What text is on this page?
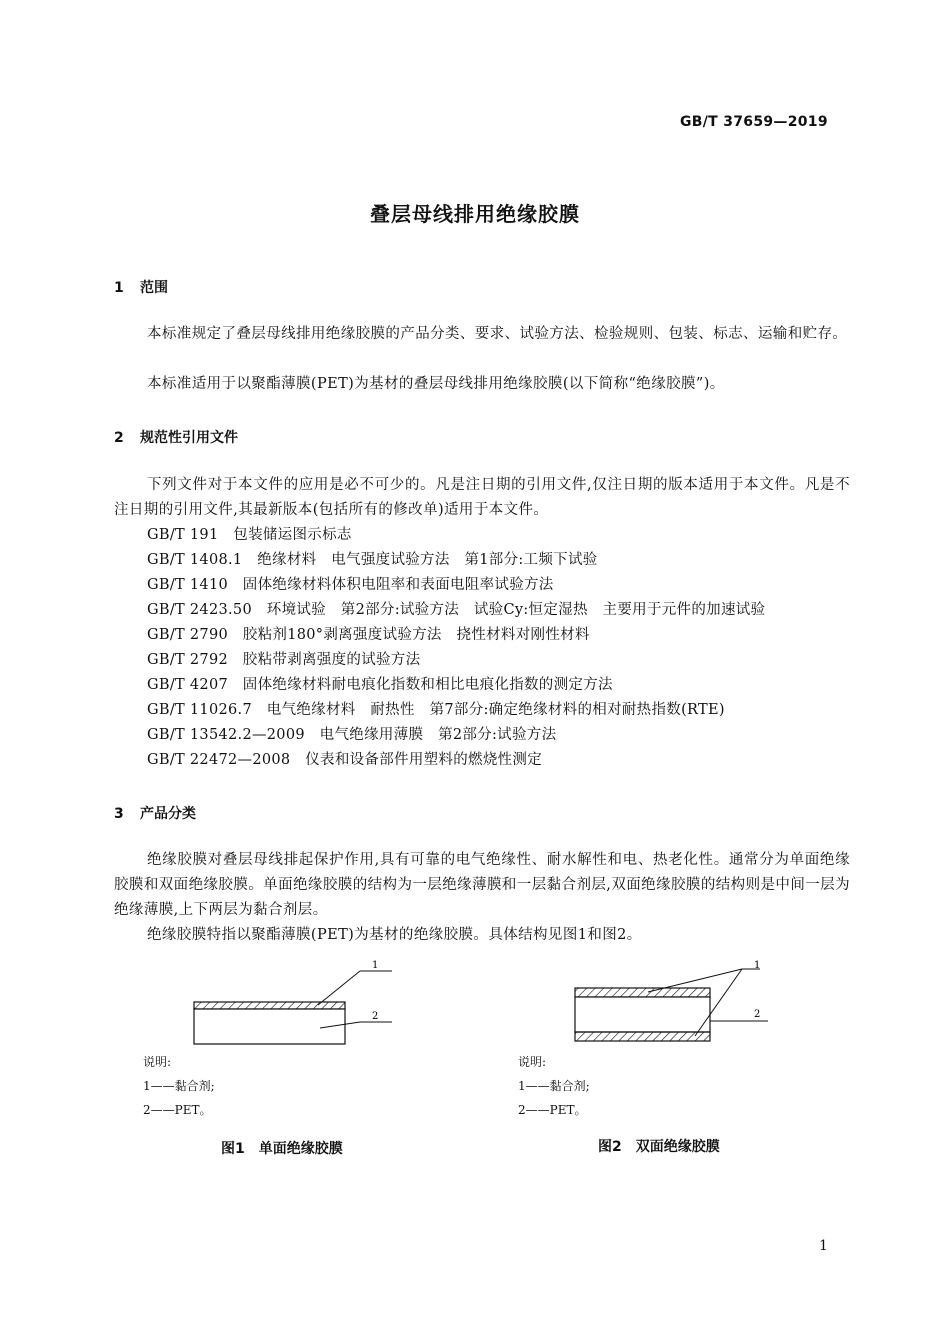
GB/T 37659—2019
叠层母线排用绝缘胶膜
1 范围
本标准规定了叠层母线排用绝缘胶膜的产品分类、要求、试验方法、检验规则、包装、标志、运输和贮存。
本标准适用于以聚酯薄膜(PET)为基材的叠层母线排用绝缘胶膜(以下简称“绝缘胶膜”)。
2 规范性引用文件
下列文件对于本文件的应用是必不可少的。凡是注日期的引用文件,仅注日期的版本适用于本文件。凡是不注日期的引用文件,其最新版本(包括所有的修改单)适用于本文件。
GB/T 191　包装储运图示标志
GB/T 1408.1　绝缘材料　电气强度试验方法　第1部分:工频下试验
GB/T 1410　固体绝缘材料体积电阻率和表面电阻率试验方法
GB/T 2423.50　环境试验　第2部分:试验方法　试验Cy:恒定湿热　主要用于元件的加速试验
GB/T 2790　胶粘剂180°剥离强度试验方法　挠性材料对刚性材料
GB/T 2792　胶粘带剥离强度的试验方法
GB/T 4207　固体绝缘材料耐电痕化指数和相比电痕化指数的测定方法
GB/T 11026.7　电气绝缘材料　耐热性　第7部分:确定绝缘材料的相对耐热指数(RTE)
GB/T 13542.2—2009　电气绝缘用薄膜　第2部分:试验方法
GB/T 22472—2008　仪表和设备部件用塑料的燃烧性测定
3 产品分类
绝缘胶膜对叠层母线排起保护作用,具有可靠的电气绝缘性、耐水解性和电、热老化性。通常分为单面绝缘胶膜和双面绝缘胶膜。单面绝缘胶膜的结构为一层绝缘薄膜和一层黏合剂层,双面绝缘胶膜的结构则是中间一层为绝缘薄膜,上下两层为黏合剂层。
绝缘胶膜特指以聚酯薄膜(PET)为基材的绝缘胶膜。具体结构见图1和图2。
1
2
说明:
1——黏合剂;
2——PET。
图1　单面绝缘胶膜
1
2
说明:
1——黏合剂;
2——PET。
图2　双面绝缘胶膜
1
